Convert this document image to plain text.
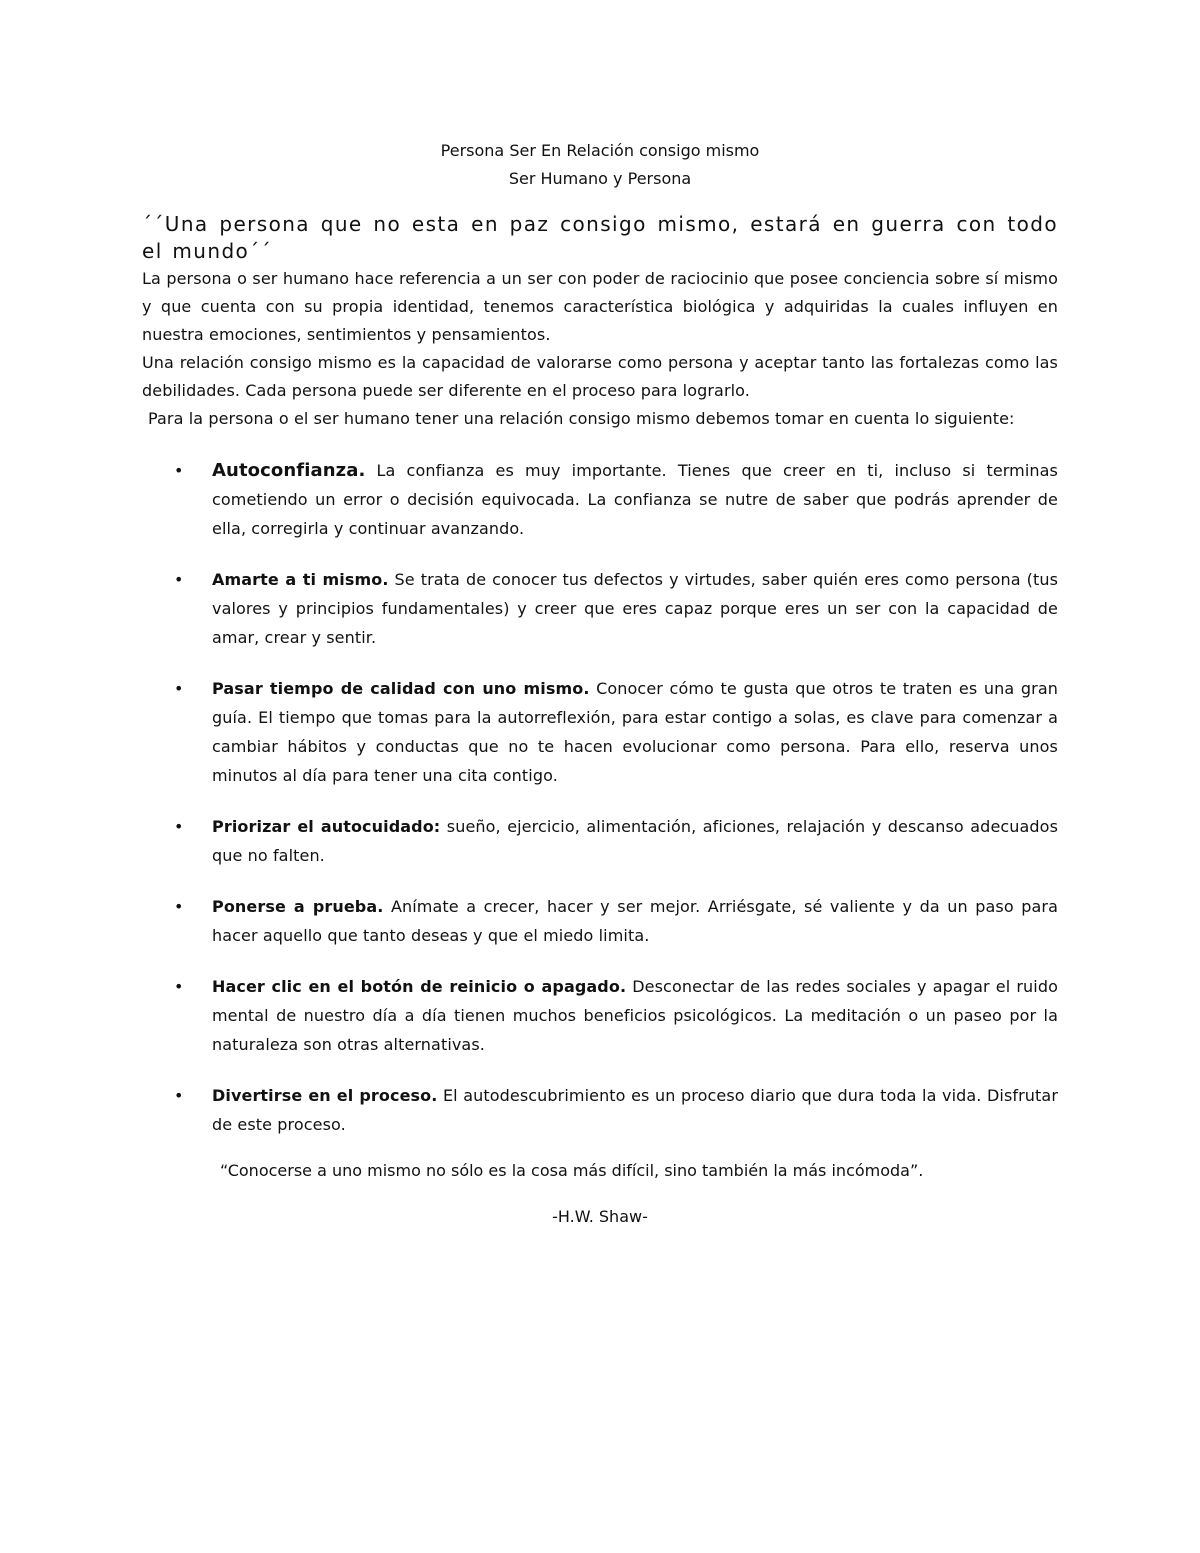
Persona Ser En Relación consigo mismo
Ser Humano y Persona

´´Una persona que no esta en paz consigo mismo, estará en guerra con todo el mundo´´

La persona o ser humano hace referencia a un ser con poder de raciocinio que posee conciencia sobre sí mismo y que cuenta con su propia identidad, tenemos característica biológica y adquiridas la cuales influyen en nuestra emociones, sentimientos y pensamientos.

Una relación consigo mismo es la capacidad de valorarse como persona y aceptar tanto las fortalezas como las debilidades. Cada persona puede ser diferente en el proceso para lograrlo.

Para la persona o el ser humano tener una relación consigo mismo debemos tomar en cuenta lo siguiente:

• Autoconfianza. La confianza es muy importante. Tienes que creer en ti, incluso si terminas cometiendo un error o decisión equivocada. La confianza se nutre de saber que podrás aprender de ella, corregirla y continuar avanzando.
• Amarte a ti mismo. Se trata de conocer tus defectos y virtudes, saber quién eres como persona (tus valores y principios fundamentales) y creer que eres capaz porque eres un ser con la capacidad de amar, crear y sentir.
• Pasar tiempo de calidad con uno mismo. Conocer cómo te gusta que otros te traten es una gran guía. El tiempo que tomas para la autorreflexión, para estar contigo a solas, es clave para comenzar a cambiar hábitos y conductas que no te hacen evolucionar como persona. Para ello, reserva unos minutos al día para tener una cita contigo.
• Priorizar el autocuidado: sueño, ejercicio, alimentación, aficiones, relajación y descanso adecuados que no falten.
• Ponerse a prueba. Anímate a crecer, hacer y ser mejor. Arriésgate, sé valiente y da un paso para hacer aquello que tanto deseas y que el miedo limita.
• Hacer clic en el botón de reinicio o apagado. Desconectar de las redes sociales y apagar el ruido mental de nuestro día a día tienen muchos beneficios psicológicos. La meditación o un paseo por la naturaleza son otras alternativas.
• Divertirse en el proceso. El autodescubrimiento es un proceso diario que dura toda la vida. Disfrutar de este proceso.

“Conocerse a uno mismo no sólo es la cosa más difícil, sino también la más incómoda”.

-H.W. Shaw-
